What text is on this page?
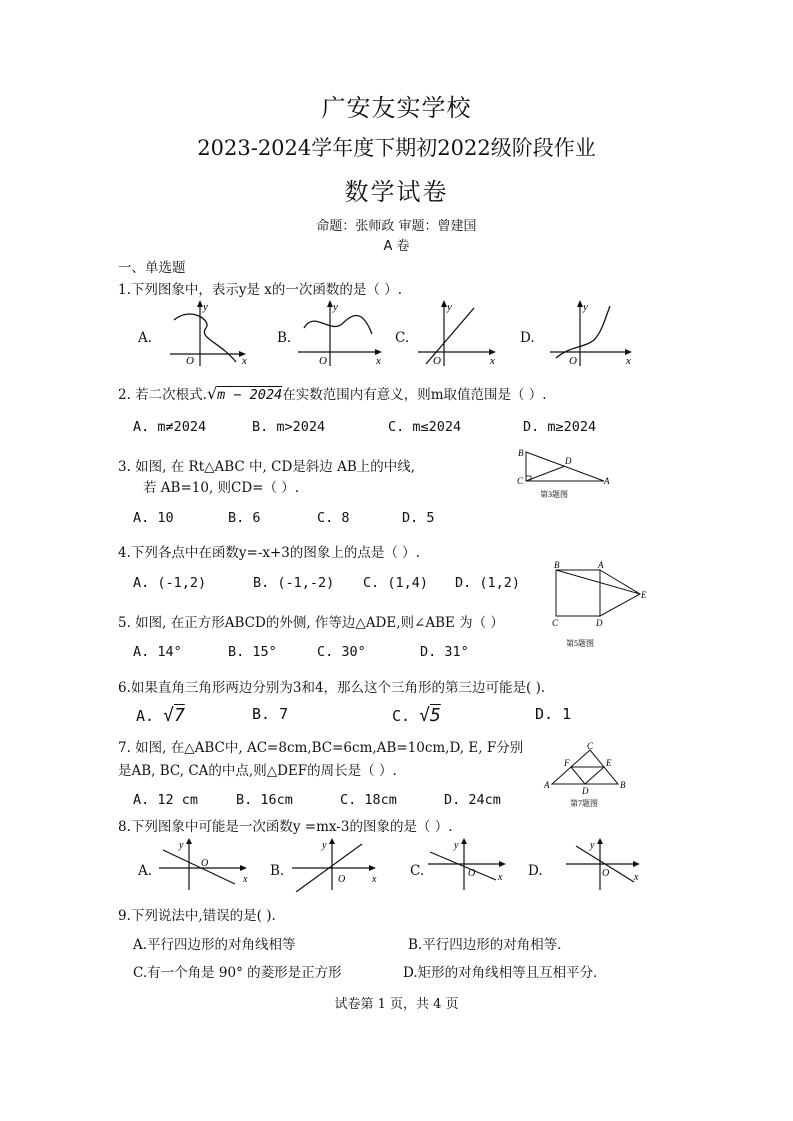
广安友实学校
2023-2024学年度下期初2022级阶段作业
数学试卷
命题：张师政 审题：曾建国
A 卷
一、单选题
1.下列图象中，表示y是 x的一次函数的是（ ）.
A.	B.	C.	D.
y
x
O
y
x
O
y
x
O
y
x
O
2. 若二次根式.√m − 2024在实数范围内有意义，则m取值范围是（ ）.
A. m≠2024	B. m>2024	C. m≤2024	D. m≥2024
3. 如图, 在 Rt△ABC 中, CD是斜边 AB上的中线,
若 AB=10, 则CD=（ ）.
A. 10	B. 6	C. 8	D. 5
B
C
D
A
第3题图
4.下列各点中在函数y=-x+3的图象上的点是（ ）.
A. (-1,2)	B. (-1,-2) C. (1,4) D. (1,2)
B	A
E
C	D
第5题图
5. 如图, 在正方形ABCD的外侧, 作等边△ADE,则∠ABE 为（ ）
A. 14°	B. 15°	C. 30°	D. 31°
6.如果直角三角形两边分别为3和4，那么这个三角形的第三边可能是( ).
A. √7	B. 7	C. √5	D. 1
7. 如图, 在△ABC中, AC=8cm,BC=6cm,AB=10cm,D, E, F分别
是AB, BC, CA的中点,则△DEF的周长是（ ）.
A. 12 cm	B. 16cm	C. 18cm	D. 24cm
C
F	E
A	B
D
第7题图
8.下列图象中可能是一次函数y =mx-3的图象的是（ ）.
A.	B.	C.	D.
y
x
O
y
x
O
y
x
O
y
x
O
9.下列说法中,错误的是( ).
A.平行四边形的对角线相等	B.平行四边形的对角相等．
C.有一个角是 90° 的菱形是正方形	D.矩形的对角线相等且互相平分．
试卷第 1 页，共 4 页
